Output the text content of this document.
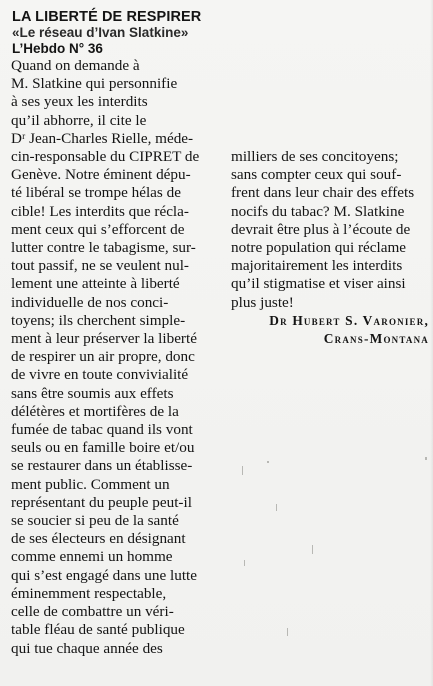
LA LIBERTÉ DE RESPIRER
«Le réseau d’Ivan Slatkine»
L’Hebdo N° 36
Quand on demande à
M. Slatkine qui personnifie
à ses yeux les interdits
qu’il abhorre, il cite le
Dʳ Jean-Charles Rielle, méde-
cin-responsable du CIPRET de
Genève. Notre éminent dépu-
té libéral se trompe hélas de
cible! Les interdits que récla-
ment ceux qui s’efforcent de
lutter contre le tabagisme, sur-
tout passif, ne se veulent nul-
lement une atteinte à liberté
individuelle de nos conci-
toyens; ils cherchent simple-
ment à leur préserver la liberté
de respirer un air propre, donc
de vivre en toute convivialité
sans être soumis aux effets
délétères et mortifères de la
fumée de tabac quand ils vont
seuls ou en famille boire et/ou
se restaurer dans un établisse-
ment public. Comment un
représentant du peuple peut-il
se soucier si peu de la santé
de ses électeurs en désignant
comme ennemi un homme
qui s’est engagé dans une lutte
éminemment respectable,
celle de combattre un véri-
table fléau de santé publique
qui tue chaque année des
milliers de ses concitoyens;
sans compter ceux qui souf-
frent dans leur chair des effets
nocifs du tabac? M. Slatkine
devrait être plus à l’écoute de
notre population qui réclame
majoritairement les interdits
qu’il stigmatise et viser ainsi
plus juste!
Dr Hubert S. Varonier,
Crans-Montana
